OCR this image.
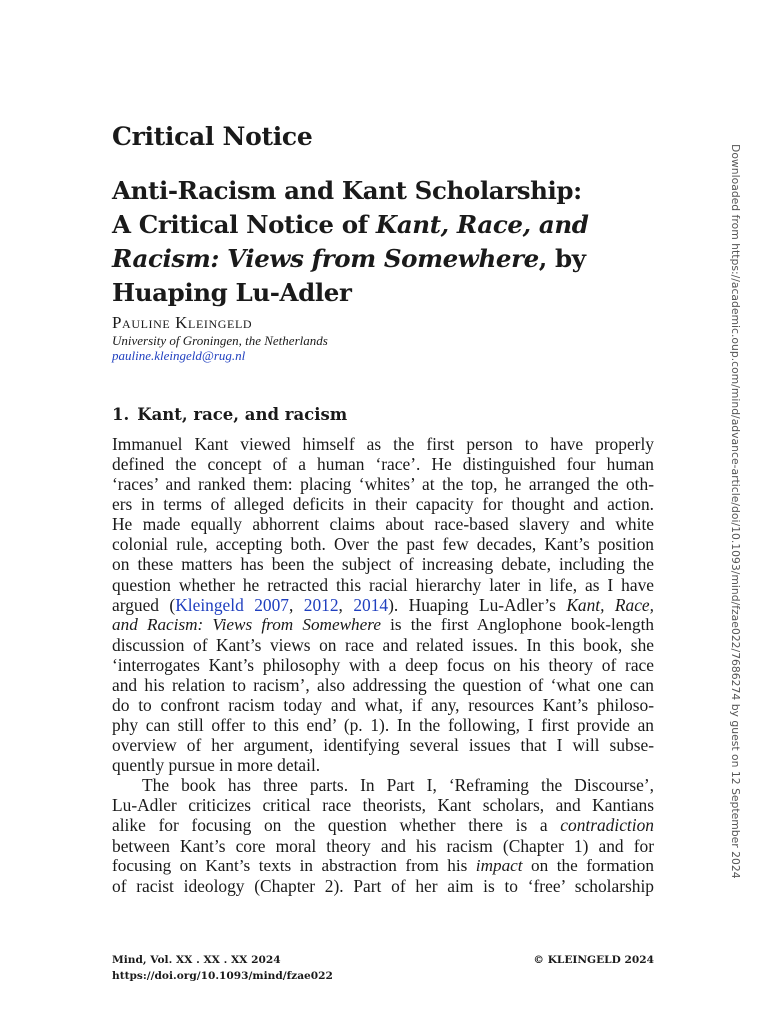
Critical Notice
Anti-Racism and Kant Scholarship:
A Critical Notice of Kant, Race, and
Racism: Views from Somewhere, by
Huaping Lu-Adler
Pauline Kleingeld
University of Groningen, the Netherlands
pauline.kleingeld@rug.nl
1. Kant, race, and racism
Immanuel Kant viewed himself as the first person to have properly
defined the concept of a human ‘race’. He distinguished four human
‘races’ and ranked them: placing ‘whites’ at the top, he arranged the oth-
ers in terms of alleged deficits in their capacity for thought and action.
He made equally abhorrent claims about race-based slavery and white
colonial rule, accepting both. Over the past few decades, Kant’s position
on these matters has been the subject of increasing debate, including the
question whether he retracted this racial hierarchy later in life, as I have
argued (Kleingeld 2007, 2012, 2014). Huaping Lu-Adler’s Kant, Race,
and Racism: Views from Somewhere is the first Anglophone book-length
discussion of Kant’s views on race and related issues. In this book, she
‘interrogates Kant’s philosophy with a deep focus on his theory of race
and his relation to racism’, also addressing the question of ‘what one can
do to confront racism today and what, if any, resources Kant’s philoso-
phy can still offer to this end’ (p. 1). In the following, I first provide an
overview of her argument, identifying several issues that I will subse-
quently pursue in more detail.
The book has three parts. In Part I, ‘Reframing the Discourse’,
Lu-Adler criticizes critical race theorists, Kant scholars, and Kantians
alike for focusing on the question whether there is a contradiction
between Kant’s core moral theory and his racism (Chapter 1) and for
focusing on Kant’s texts in abstraction from his impact on the formation
of racist ideology (Chapter 2). Part of her aim is to ‘free’ scholarship
Mind, Vol. XX . XX . XX 2024
https://doi.org/10.1093/mind/fzae022
© KLEINGELD 2024
Downloaded from https://academic.oup.com/mind/advance-article/doi/10.1093/mind/fzae022/7686274 by guest on 12 September 2024
